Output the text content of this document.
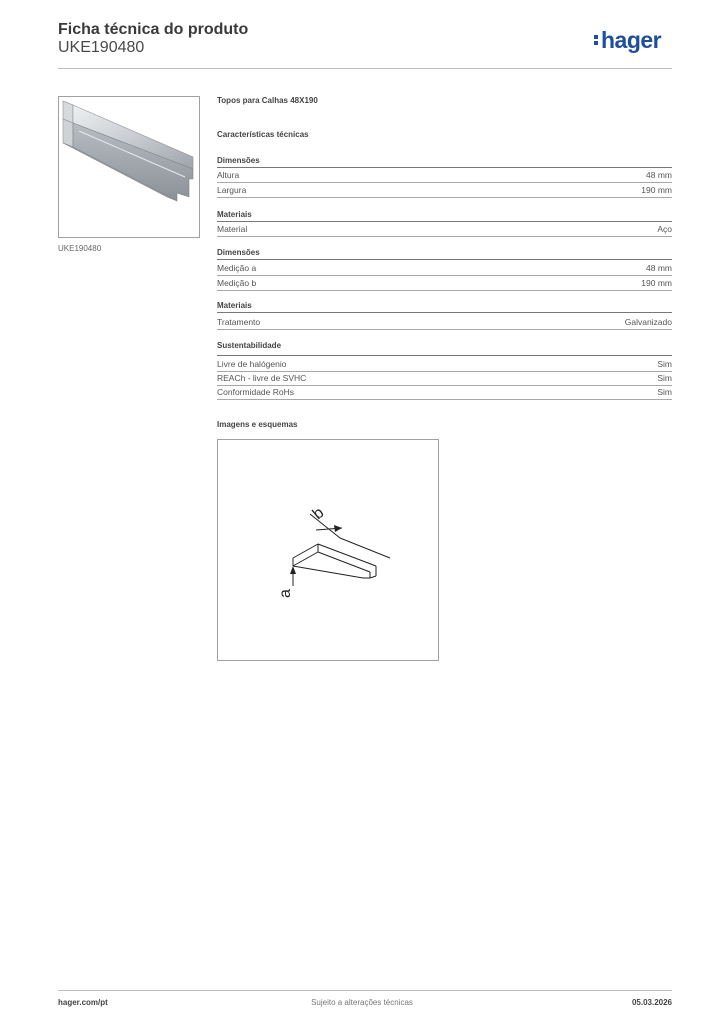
Ficha técnica do produto
UKE190480	hager
UKE190480
Topos para Calhas 48X190
Características técnicas
Dimensões
Altura	48 mm
Largura	190 mm
Materiais
Material	Aço
Dimensões
Medição a	48 mm
Medição b	190 mm
Materiais
Tratamento	Galvanizado
Sustentabilidade
Livre de halógenio	Sim
REACh - livre de SVHC	Sim
Conformidade RoHs	Sim
Imagens e esquemas
b
a
hager.com/pt	Sujeito a alterações técnicas	05.03.2026
